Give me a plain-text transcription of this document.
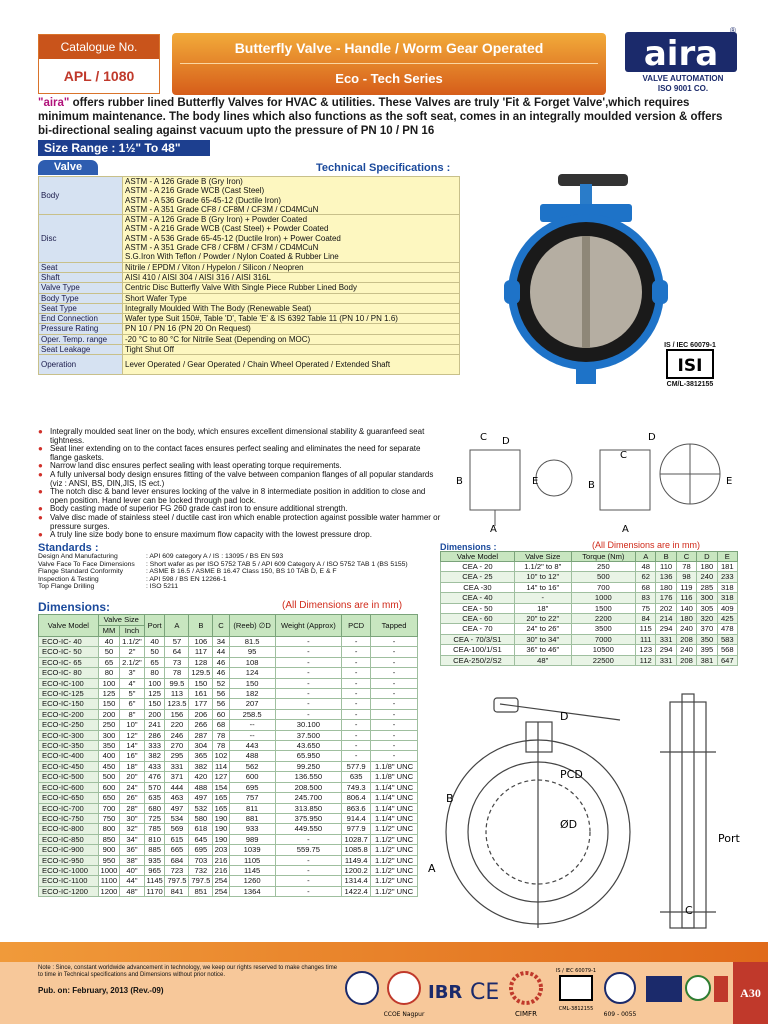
Catalogue No.
APL / 1080
Butterfly Valve - Handle / Worm Gear Operated
Eco - Tech Series
aira
®
VALVE AUTOMATION
ISO 9001 CO.
"aira" offers rubber lined Butterfly Valves for HVAC & utilities. These Valves are truly 'Fit & Forget Valve',which requires minimum maintenance. The body lines which also functions as the soft seat, comes in an integrally moulded version & offers bi-directional sealing against vacuum upto the pressure of PN 10 / PN 16
Size Range : 1½" To 48"
Valve	Technical Specifications :
Body	ASTM - A 126 Grade B (Gry Iron)
ASTM - A 216 Grade WCB (Cast Steel)
ASTM - A 536 Grade 65-45-12 (Ductile Iron)
ASTM - A 351 Grade CF8 / CF8M / CF3M / CD4MCuN

Disc	ASTM - A 126 Grade B (Gry Iron) + Powder Coated
ASTM - A 216 Grade WCB (Cast Steel) + Powder Coated
ASTM - A 536 Grade 65-45-12 (Ductile Iron) + Power Coated
ASTM - A 351 Grade CF8 / CF8M / CF3M / CD4MCuN
S.G.Iron With Teflon / Powder / Nylon Coated & Rubber Line

Seat	Nitrile / EPDM / Viton / Hypelon / Silicon / Neopren

Shaft	AISI 410 / AISI 304 / AISI 316 / AISI 316L

Valve Type	Centric Disc Butterfly Valve With Single Piece Rubber Lined Body

Body Type	Short Wafer Type

Seat Type	Integrally Moulded With The Body (Renewable Seat)

End Connection	Wafer type Suit 150#, Table 'D', Table 'E' & IS 6392 Table 11 (PN 10 / PN 1.6)

Pressure Rating	PN 10 / PN 16 (PN 20 On Request)

Oper. Temp. range	-20 °C to 80 °C for Nitrile Seat (Depending on MOC)

Seat Leakage	Tight Shut Off

Operation	Lever Operated / Gear Operated / Chain Wheel Operated / Extended Shaft
IS / IEC 60079-1
ISI
CM/L-3812155
● Integrally moulded seat liner on the body, which ensures excellent dimensional stability & guaranfeed seat tightness.
● Seat liner extending on to the contact faces ensures perfect sealing and eliminates the need for separate flange gaskets.
● Narrow land disc ensures perfect sealing with least operating torque requirements.
● A fully universal body design ensures fitting of the valve between companion flanges of all popular standards (viz : ANSI, BS, DIN,JIS, IS ect.)
● The notch disc & band lever ensures locking of the valve in 8 intermediate position in addition to close and open position. Hand lever can be locked through pad lock.
● Body casting made of superior FG 260 grade cast iron to ensure additional strength.
● Valve disc made of stainless steel / ductile cast iron which enable protection against possible water hammer or pressure surges.
● A truly line size body bone to ensure maximum flow capacity with the lowest pressure drop.
Standards :
Design And Manufacturing	: API 609 category A / IS : 13095 / BS EN 593
Valve Face To Face Dimensions	: Short wafer as per ISO 5752 TAB 5 / API 609 Category A / ISO 5752 TAB 1 (BS 5155)
Flange Standard Conformity	: ASME B 16.5 / ASME B 16.47 Class 150, BS 10 TAB D, E & F
Inspection & Testing	: API 598 / BS EN 12266-1
Top Flange Drilling	: ISO 5211
Dimensions:	(All Dimensions are in mm)
Valve Model	Valve Size		Port	A	B	C	(Reeb) ∅D	Weight (Approx)	PCD	Tapped
	MM	Inch								
ECO-IC- 40	40	1.1/2"	40	57	106	34	81.5	-	-	-
ECO-IC- 50	50	2"	50	64	117	44	95	-	-	-
ECO-IC- 65	65	2.1/2"	65	73	128	46	108	-	-	-
ECO-IC- 80	80	3"	80	78	129.5	46	124	-	-	-
ECO-IC-100	100	4"	100	99.5	150	52	150	-	-	-
ECO-IC-125	125	5"	125	113	161	56	182	-	-	-
ECO-IC-150	150	6"	150	123.5	177	56	207	-	-	-
ECO-IC-200	200	8"	200	156	206	60	258.5	-	-	-
ECO-IC-250	250	10"	241	220	266	68	--	30.100	-	-
ECO-IC-300	300	12"	286	246	287	78	--	37.500	-	-
ECO-IC-350	350	14"	333	270	304	78	443	43.650	-	-
ECO-IC-400	400	16"	382	295	365	102	488	65.950	-	-
ECO-IC-450	450	18"	433	331	382	114	562	99.250	577.9	1.1/8" UNC
ECO-IC-500	500	20"	476	371	420	127	600	136.550	635	1.1/8" UNC
ECO-IC-600	600	24"	570	444	488	154	695	208.500	749.3	1.1/4" UNC
ECO-IC-650	650	26"	635	463	497	165	757	245.700	806.4	1.1/4" UNC
ECO-IC-700	700	28"	680	497	532	165	811	313.850	863.6	1.1/4" UNC
ECO-IC-750	750	30"	725	534	580	190	881	375.950	914.4	1.1/4" UNC
ECO-IC-800	800	32"	785	569	618	190	933	449.550	977.9	1.1/2" UNC
ECO-IC-850	850	34"	810	615	645	190	989	-	1028.7	1.1/2" UNC
ECO-IC-900	900	36"	885	665	695	203	1039	559.75	1085.8	1.1/2" UNC
ECO-IC-950	950	38"	935	684	703	216	1105	-	1149.4	1.1/2" UNC
ECO-IC-1000	1000	40"	965	723	732	216	1145	-	1200.2	1.1/2" UNC
ECO-IC-1100	1100	44"	1145	797.5	797.5	254	1260	-	1314.4	1.1/2" UNC
ECO-IC-1200	1200	48"	1170	841	851	254	1364	-	1422.4	1.1/2" UNC
C D
B	E
A
C
D
B	E
A
Dimensions :	(All Dimensions are in mm)
Valve Model	Valve Size	Torque (Nm)	A	B	C	D	E
CEA - 20	1.1/2" to 8"	250	48	110	78	180	181
CEA - 25	10" to 12"	500	62	136	98	240	233
CEA -30	14" to 16"	700	68	180	119	285	318
CEA - 40	-	1000	83	176	116	300	318
CEA - 50	18"	1500	75	202	140	305	409
CEA - 60	20" to 22"	2200	84	214	180	320	425
CEA - 70	24" to 26"	3500	115	294	240	370	478
CEA - 70/3/S1	30" to 34"	7000	111	331	208	350	583
CEA-100/1/S1	36" to 46"	10500	123	294	240	395	568
CEA-250/2/S2	48"	22500	112	331	208	381	647
D
PCD
ØD
A
B
Port
C
Note : Since, constant worldwide advancement in technology, we keep our rights reserved to make changes time to time in Technical specifications and Dimensions without prior notice.
Pub. on: February, 2013 (Rev.-09)
CCOE Nagpur
IBR CE
CIMFR
IS / IEC 60079-1
CML-3812155
609 - 0055
A30
